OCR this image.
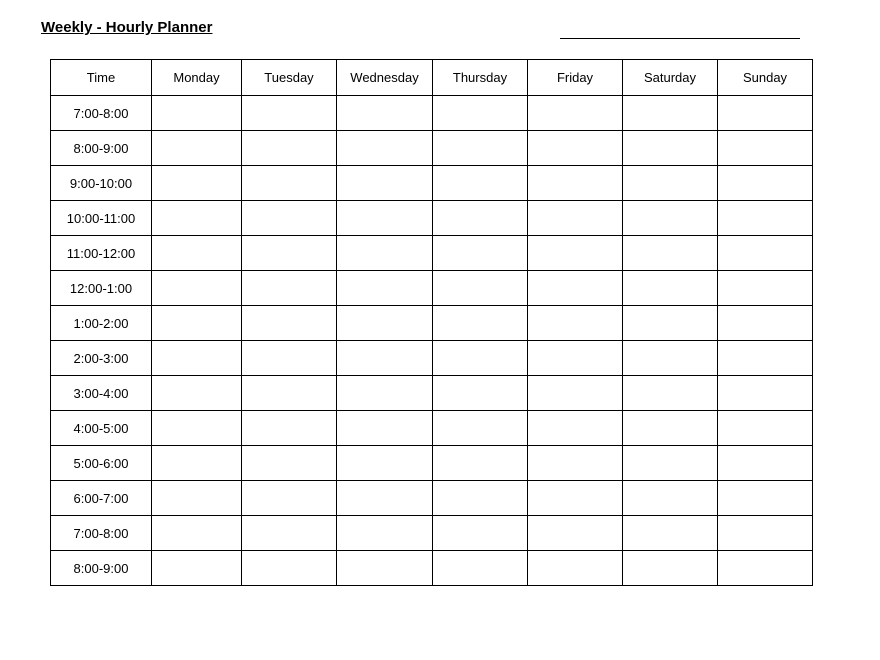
Weekly - Hourly Planner
Time	Monday	Tuesday	Wednesday	Thursday	Friday	Saturday	Sunday
7:00-8:00							
8:00-9:00							
9:00-10:00							
10:00-11:00							
11:00-12:00							
12:00-1:00							
1:00-2:00							
2:00-3:00							
3:00-4:00							
4:00-5:00							
5:00-6:00							
6:00-7:00							
7:00-8:00							
8:00-9:00							
